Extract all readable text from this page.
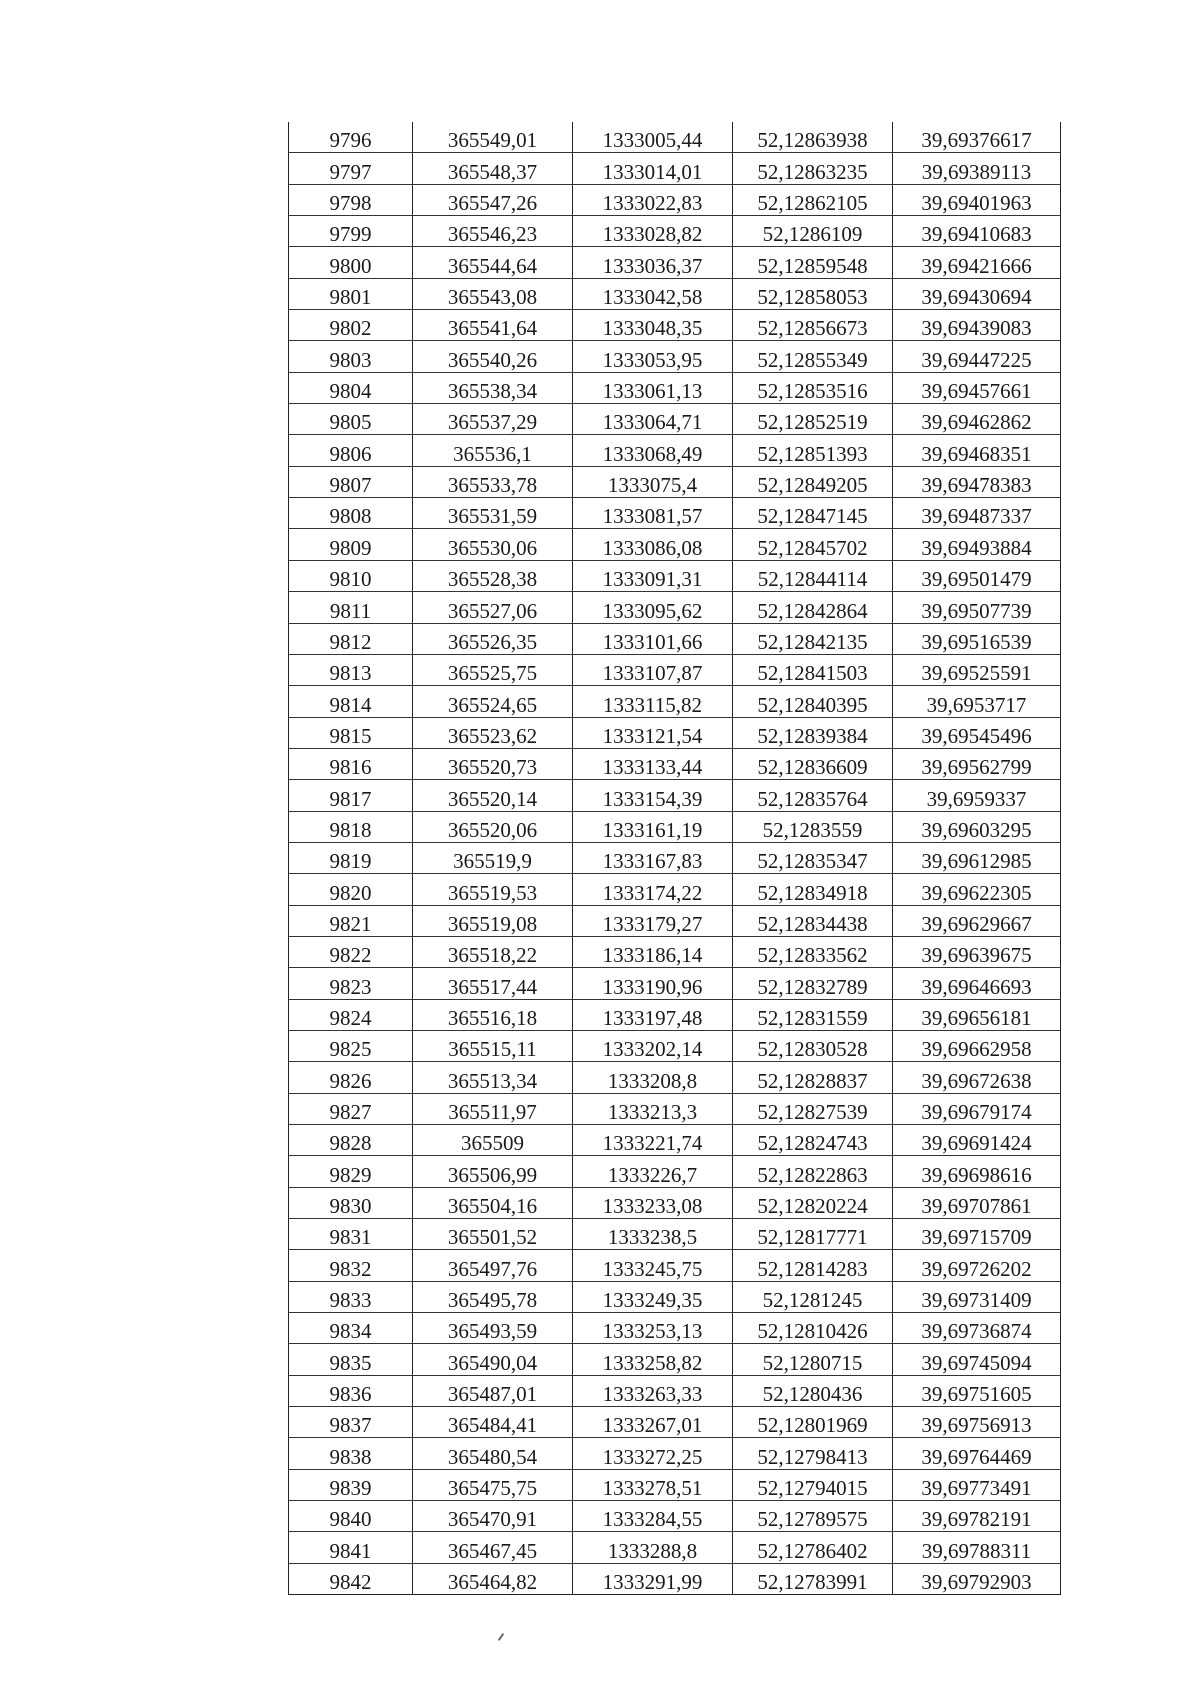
9796	365549,01	1333005,44	52,12863938	39,69376617
9797	365548,37	1333014,01	52,12863235	39,69389113
9798	365547,26	1333022,83	52,12862105	39,69401963
9799	365546,23	1333028,82	52,1286109	39,69410683
9800	365544,64	1333036,37	52,12859548	39,69421666
9801	365543,08	1333042,58	52,12858053	39,69430694
9802	365541,64	1333048,35	52,12856673	39,69439083
9803	365540,26	1333053,95	52,12855349	39,69447225
9804	365538,34	1333061,13	52,12853516	39,69457661
9805	365537,29	1333064,71	52,12852519	39,69462862
9806	365536,1	1333068,49	52,12851393	39,69468351
9807	365533,78	1333075,4	52,12849205	39,69478383
9808	365531,59	1333081,57	52,12847145	39,69487337
9809	365530,06	1333086,08	52,12845702	39,69493884
9810	365528,38	1333091,31	52,12844114	39,69501479
9811	365527,06	1333095,62	52,12842864	39,69507739
9812	365526,35	1333101,66	52,12842135	39,69516539
9813	365525,75	1333107,87	52,12841503	39,69525591
9814	365524,65	1333115,82	52,12840395	39,6953717
9815	365523,62	1333121,54	52,12839384	39,69545496
9816	365520,73	1333133,44	52,12836609	39,69562799
9817	365520,14	1333154,39	52,12835764	39,6959337
9818	365520,06	1333161,19	52,1283559	39,69603295
9819	365519,9	1333167,83	52,12835347	39,69612985
9820	365519,53	1333174,22	52,12834918	39,69622305
9821	365519,08	1333179,27	52,12834438	39,69629667
9822	365518,22	1333186,14	52,12833562	39,69639675
9823	365517,44	1333190,96	52,12832789	39,69646693
9824	365516,18	1333197,48	52,12831559	39,69656181
9825	365515,11	1333202,14	52,12830528	39,69662958
9826	365513,34	1333208,8	52,12828837	39,69672638
9827	365511,97	1333213,3	52,12827539	39,69679174
9828	365509	1333221,74	52,12824743	39,69691424
9829	365506,99	1333226,7	52,12822863	39,69698616
9830	365504,16	1333233,08	52,12820224	39,69707861
9831	365501,52	1333238,5	52,12817771	39,69715709
9832	365497,76	1333245,75	52,12814283	39,69726202
9833	365495,78	1333249,35	52,1281245	39,69731409
9834	365493,59	1333253,13	52,12810426	39,69736874
9835	365490,04	1333258,82	52,1280715	39,69745094
9836	365487,01	1333263,33	52,1280436	39,69751605
9837	365484,41	1333267,01	52,12801969	39,69756913
9838	365480,54	1333272,25	52,12798413	39,69764469
9839	365475,75	1333278,51	52,12794015	39,69773491
9840	365470,91	1333284,55	52,12789575	39,69782191
9841	365467,45	1333288,8	52,12786402	39,69788311
9842	365464,82	1333291,99	52,12783991	39,69792903
